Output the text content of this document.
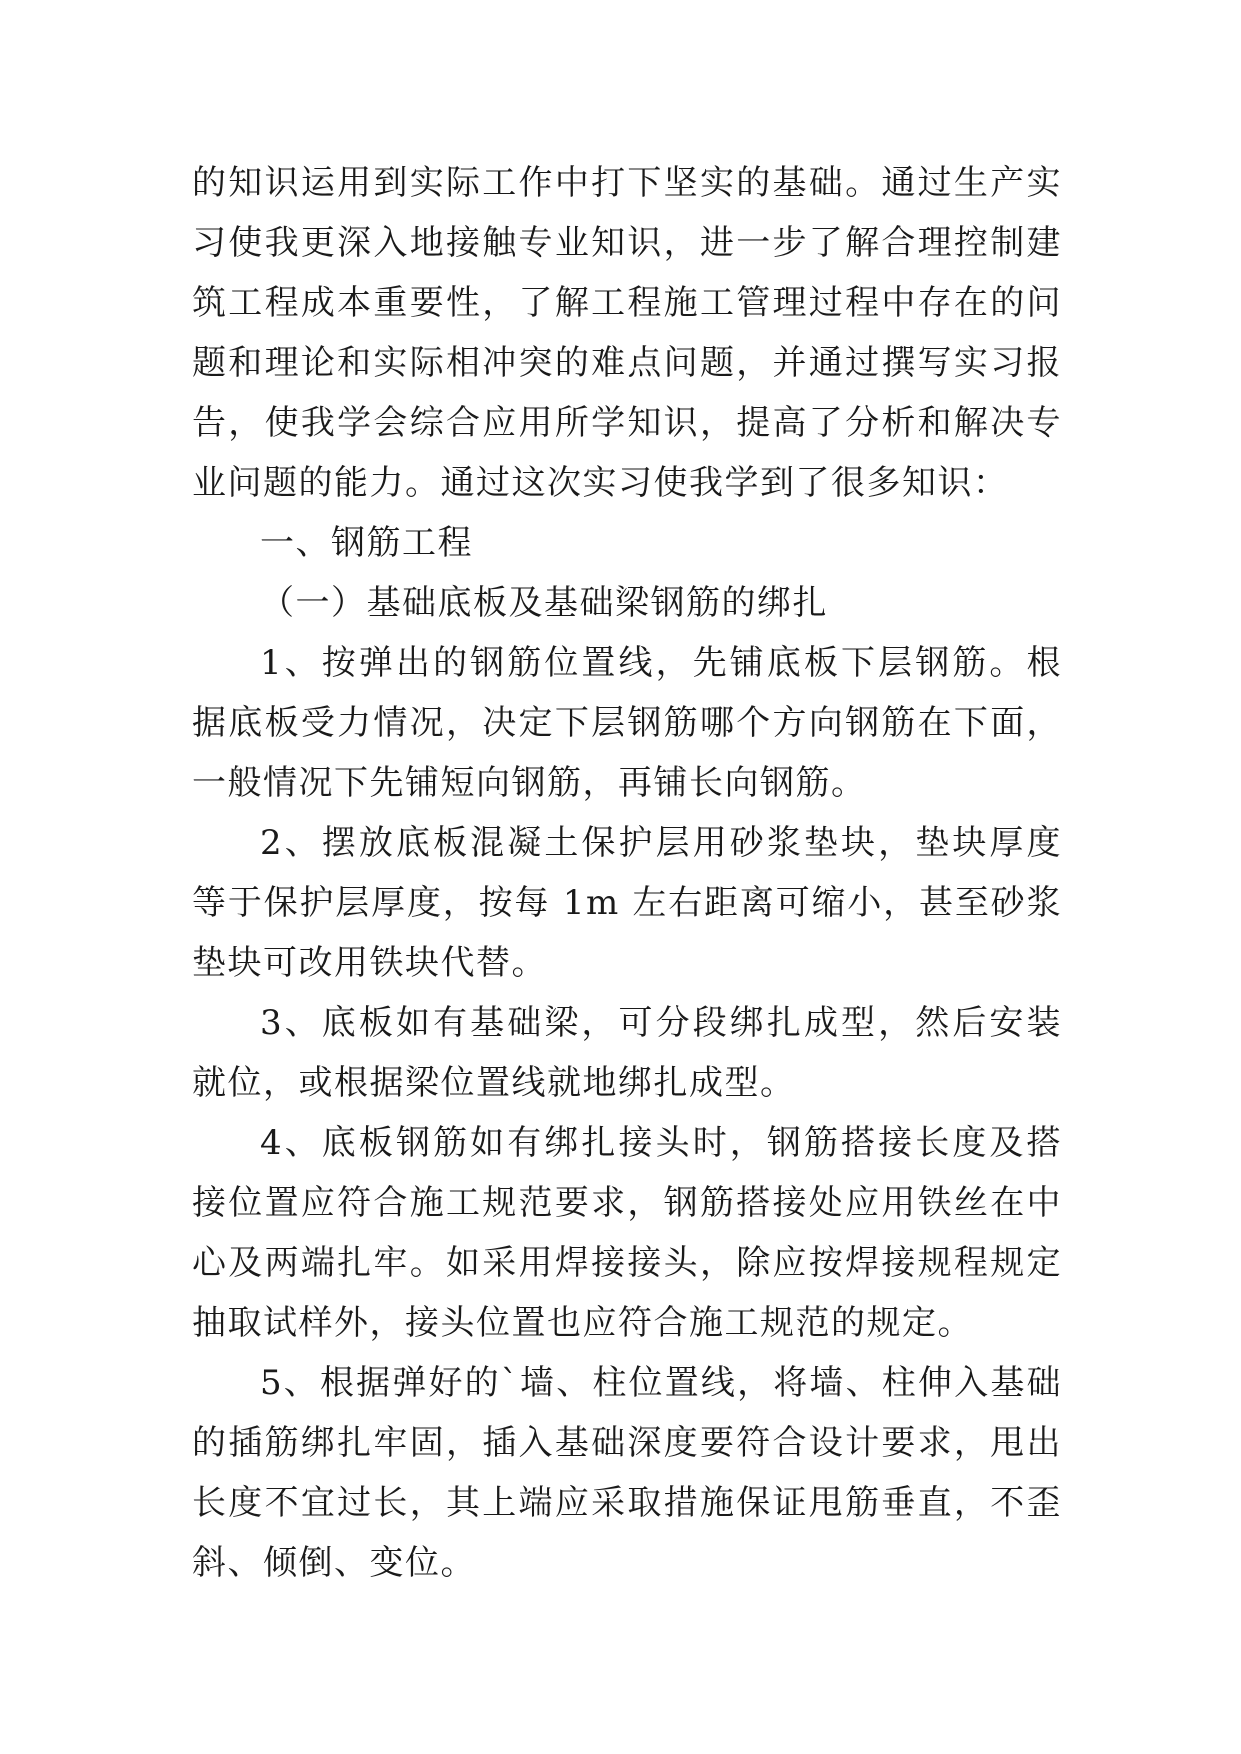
的知识运用到实际工作中打下坚实的基础。通过生产实习使我更深入地接触专业知识，进一步了解合理控制建筑工程成本重要性，了解工程施工管理过程中存在的问题和理论和实际相冲突的难点问题，并通过撰写实习报告，使我学会综合应用所学知识，提高了分析和解决专业问题的能力。通过这次实习使我学到了很多知识：

一、钢筋工程

（一）基础底板及基础梁钢筋的绑扎

1、按弹出的钢筋位置线，先铺底板下层钢筋。根据底板受力情况，决定下层钢筋哪个方向钢筋在下面，一般情况下先铺短向钢筋，再铺长向钢筋。

2、摆放底板混凝土保护层用砂浆垫块，垫块厚度等于保护层厚度，按每 1m 左右距离可缩小，甚至砂浆垫块可改用铁块代替。

3、底板如有基础梁，可分段绑扎成型，然后安装就位，或根据梁位置线就地绑扎成型。

4、底板钢筋如有绑扎接头时，钢筋搭接长度及搭接位置应符合施工规范要求，钢筋搭接处应用铁丝在中心及两端扎牢。如采用焊接接头，除应按焊接规程规定抽取试样外，接头位置也应符合施工规范的规定。

5、根据弹好的`墙、柱位置线，将墙、柱伸入基础的插筋绑扎牢固，插入基础深度要符合设计要求，甩出长度不宜过长，其上端应采取措施保证甩筋垂直，不歪斜、倾倒、变位。
